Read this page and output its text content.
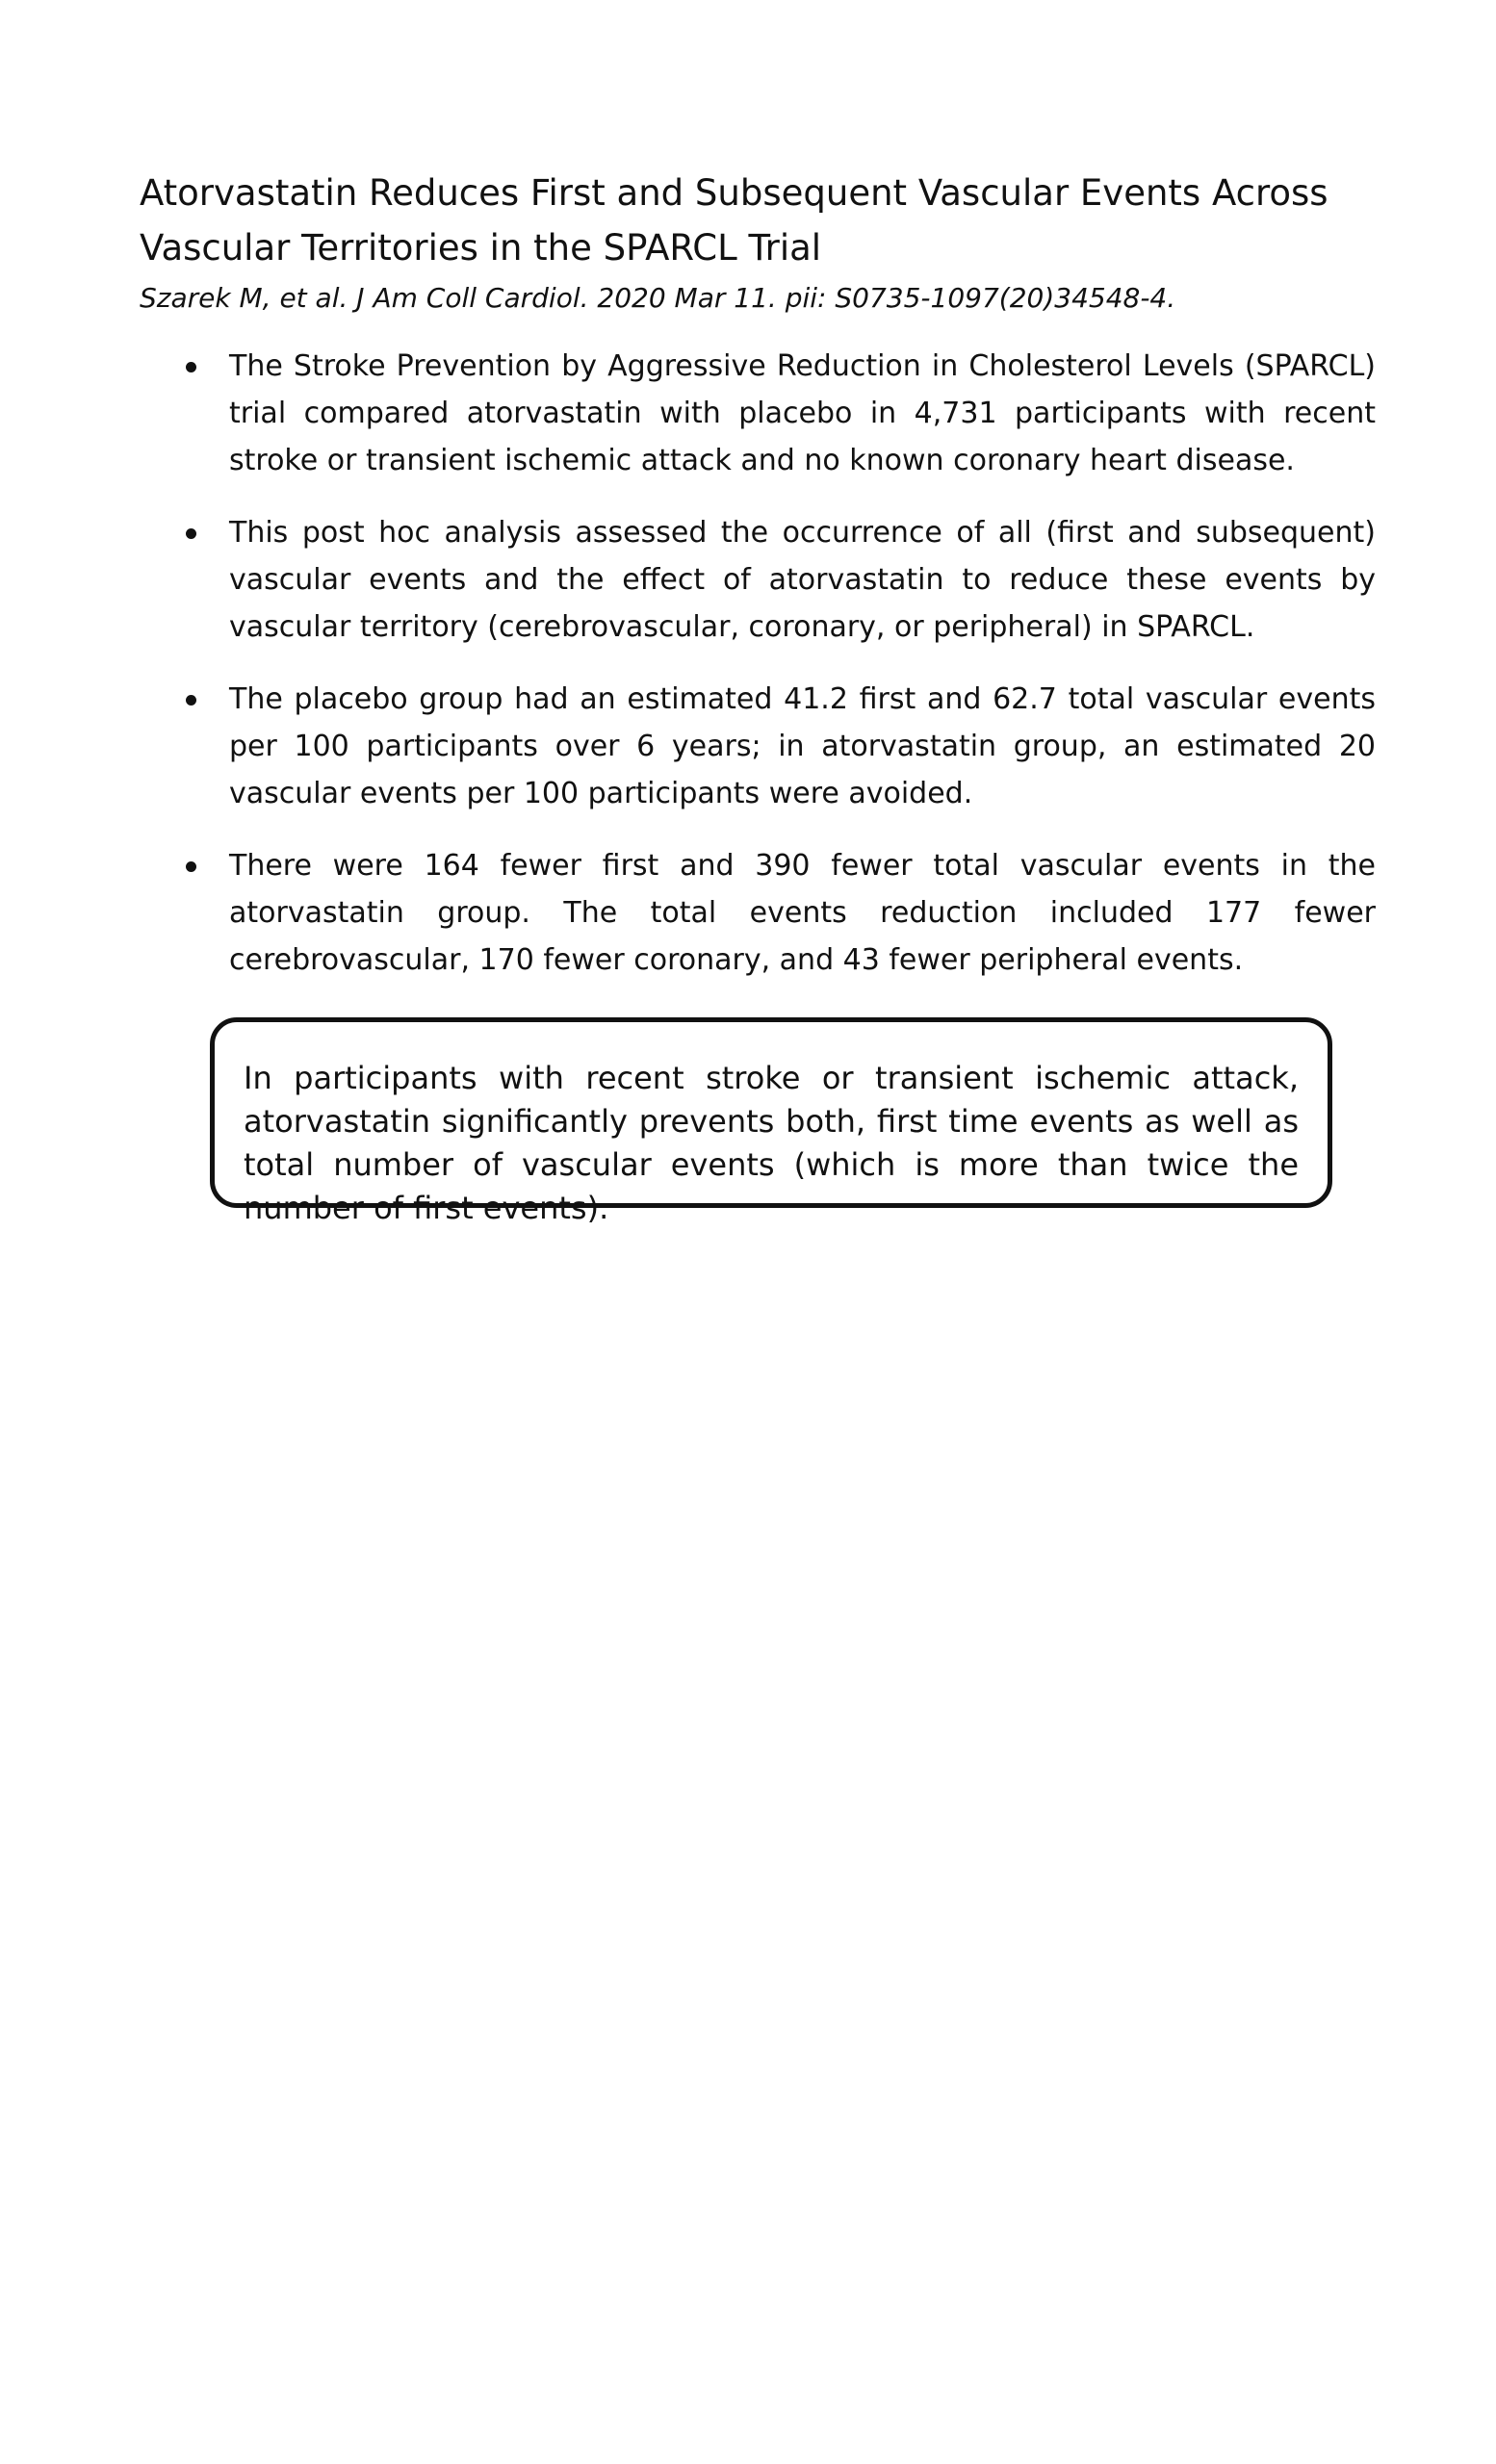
Atorvastatin Reduces First and Subsequent Vascular Events Across Vascular Territories in the SPARCL Trial

Szarek M, et al. J Am Coll Cardiol. 2020 Mar 11. pii: S0735-1097(20)34548-4.

The Stroke Prevention by Aggressive Reduction in Cholesterol Levels (SPARCL) trial compared atorvastatin with placebo in 4,731 participants with recent stroke or transient ischemic attack and no known coronary heart disease.
This post hoc analysis assessed the occurrence of all (first and subsequent) vascular events and the effect of atorvastatin to reduce these events by vascular territory (cerebrovascular, coronary, or peripheral) in SPARCL.
The placebo group had an estimated 41.2 first and 62.7 total vascular events per 100 participants over 6 years; in atorvastatin group, an estimated 20 vascular events per 100 participants were avoided.
There were 164 fewer first and 390 fewer total vascular events in the atorvastatin group. The total events reduction included 177 fewer cerebrovascular, 170 fewer coronary, and 43 fewer peripheral events.

In participants with recent stroke or transient ischemic attack, atorvastatin significantly prevents both, first time events as well as total number of vascular events (which is more than twice the number of first events).
